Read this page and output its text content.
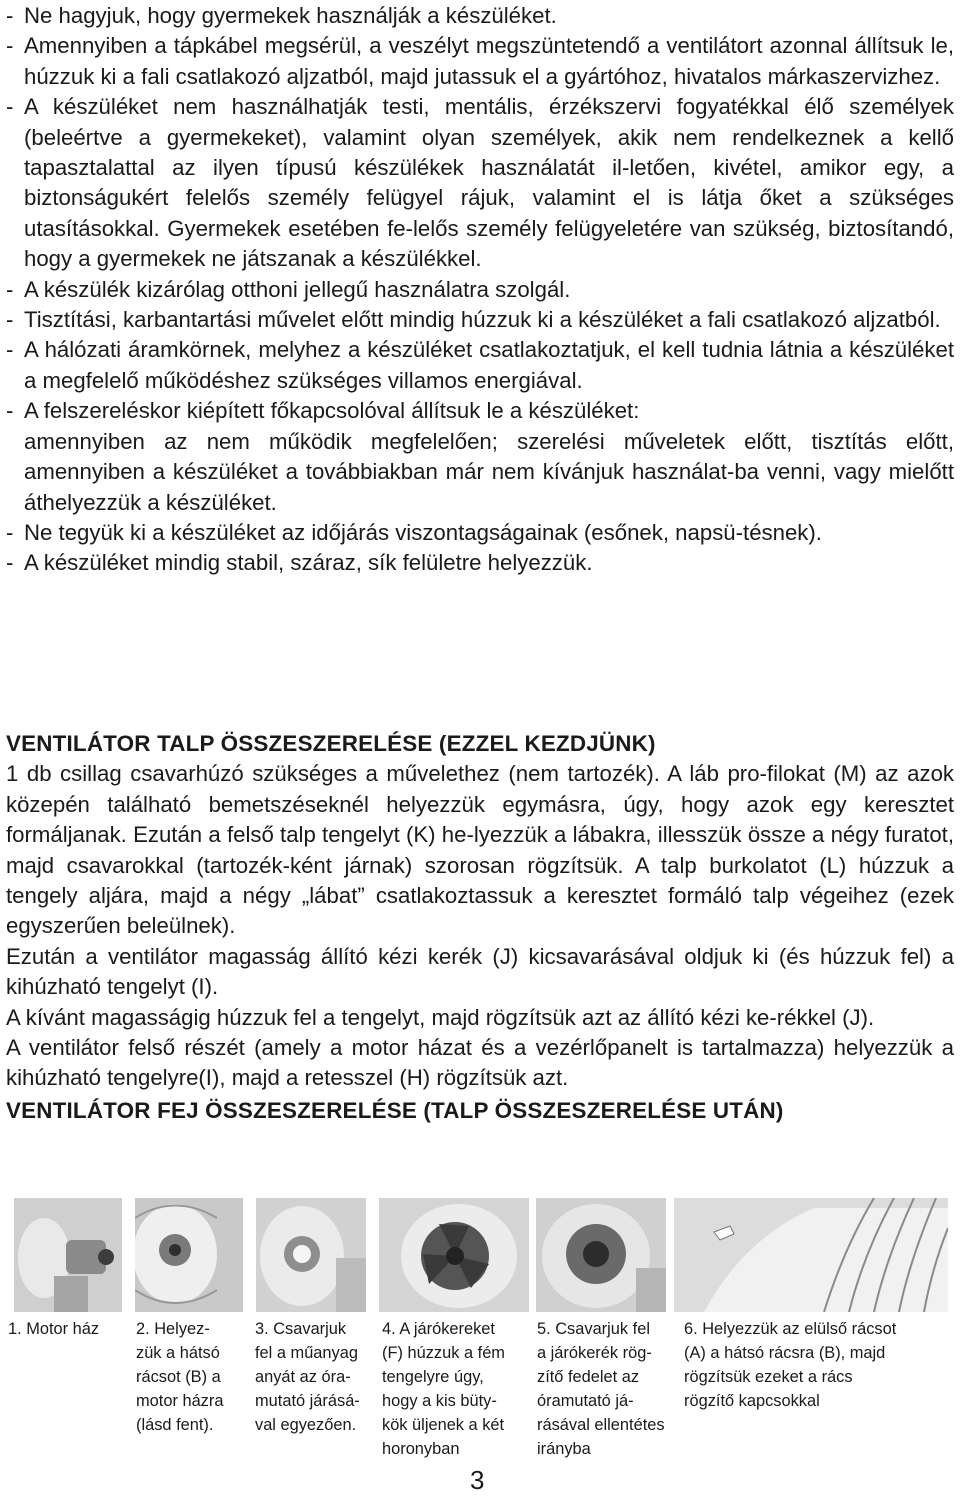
- Ne hagyjuk, hogy gyermekek használják a készüléket.
- Amennyiben a tápkábel megsérül, a veszélyt megszüntetendő a ventilátort azonnal állítsuk le, húzzuk ki a fali csatlakozó aljzatból, majd jutassuk el a gyártóhoz, hivatalos márkaszervizhez.
- A készüléket nem használhatják testi, mentális, érzékszervi fogyatékkal élő személyek (beleértve a gyermekeket), valamint olyan személyek, akik nem rendelkeznek a kellő tapasztalattal az ilyen típusú készülékek használatát il-letően, kivétel, amikor egy, a biztonságukért felelős személy felügyel rájuk, valamint el is látja őket a szükséges utasításokkal. Gyermekek esetében fe-lelős személy felügyeletére van szükség, biztosítandó, hogy a gyermekek ne játszanak a készülékkel.
- A készülék kizárólag otthoni jellegű használatra szolgál.
- Tisztítási, karbantartási művelet előtt mindig húzzuk ki a készüléket a fali csatlakozó aljzatból.
- A hálózati áramkörnek, melyhez a készüléket csatlakoztatjuk, el kell tudnia látnia a készüléket a megfelelő működéshez szükséges villamos energiával.
- A felszereléskor kiépített főkapcsolóval állítsuk le a készüléket:
amennyiben az nem működik megfelelően; szerelési műveletek előtt, tisztítás előtt, amennyiben a készüléket a továbbiakban már nem kívánjuk használat-ba venni, vagy mielőtt áthelyezzük a készüléket.
- Ne tegyük ki a készüléket az időjárás viszontagságainak (esőnek, napsü-tésnek).
- A készüléket mindig stabil, száraz, sík felületre helyezzük.
VENTILÁTOR TALP ÖSSZESZERELÉSE (EZZEL KEZDJÜNK)
1 db csillag csavarhúzó szükséges a művelethez (nem tartozék). A láb pro-filokat (M) az azok közepén található bemetszéseknél helyezzük egymásra, úgy, hogy azok egy keresztet formáljanak. Ezután a felső talp tengelyt (K) he-lyezzük a lábakra, illesszük össze a négy furatot, majd csavarokkal (tartozék-ként járnak) szorosan rögzítsük. A talp burkolatot (L) húzzuk a tengely aljára, majd a négy „lábat” csatlakoztassuk a keresztet formáló talp végeihez (ezek egyszerűen beleülnek).
Ezután a ventilátor magasság állító kézi kerék (J) kicsavarásával oldjuk ki (és húzzuk fel) a kihúzható tengelyt (I).
A kívánt magasságig húzzuk fel a tengelyt, majd rögzítsük azt az állító kézi ke-rékkel (J).
A ventilátor felső részét (amely a motor házat és a vezérlőpanelt is tartalmazza) helyezzük a kihúzható tengelyre(I), majd a retesszel (H) rögzítsük azt.
VENTILÁTOR FEJ ÖSSZESZERELÉSE (TALP ÖSSZESZERELÉSE UTÁN)
1. Motor ház 2. Helyez-
zük a hátsó
rácsot (B) a
motor házra
(lásd fent).
3. Csavarjuk
fel a műanyag
anyát az óra-
mutató járásá-
val egyezően.
4. A járókereket
(F) húzzuk a fém
tengelyre úgy,
hogy a kis büty-
kök üljenek a két
horonyban
5. Csavarjuk fel
a járókerék rög-
zítő fedelet az
óramutató já-
rásával ellentétes
irányba
6. Helyezzük az elülső rácsot
(A) a hátsó rácsra (B), majd
rögzítsük ezeket a rács
rögzítő kapcsokkal
3
